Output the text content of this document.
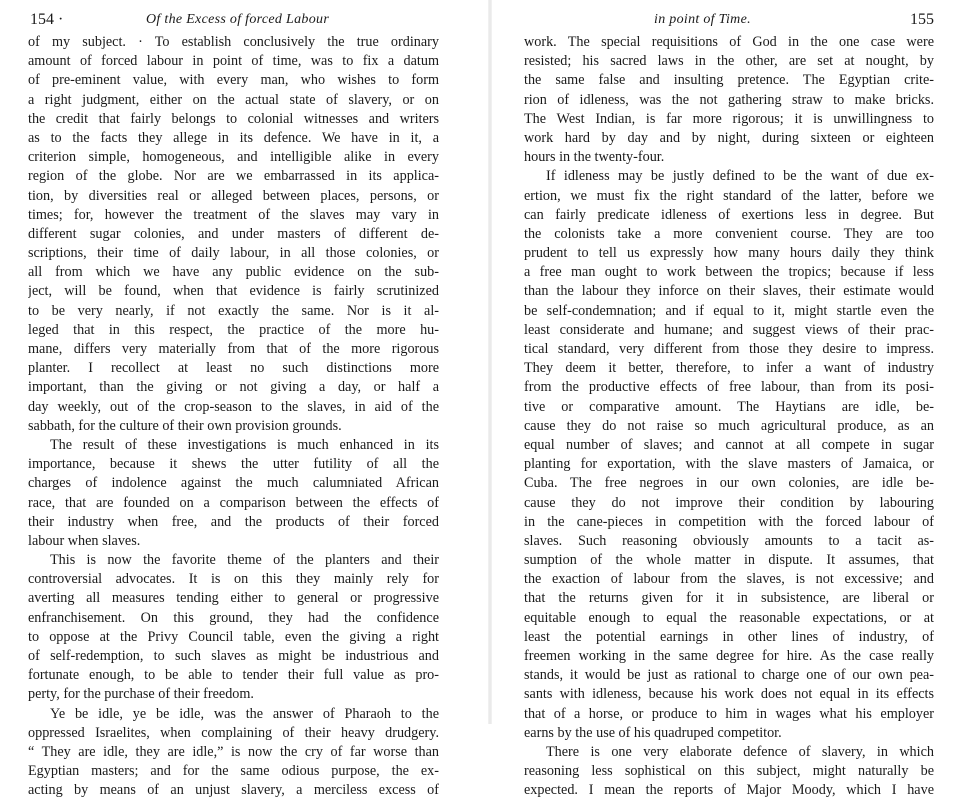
154 ·	Of the Excess of forced Labour
of my subject. · To establish conclusively the true ordinary
amount of forced labour in point of time, was to fix a datum
of pre-eminent value, with every man, who wishes to form
a right judgment, either on the actual state of slavery, or on
the credit that fairly belongs to colonial witnesses and writers
as to the facts they allege in its defence. We have in it, a
criterion simple, homogeneous, and intelligible alike in every
region of the globe. Nor are we embarrassed in its applica-
tion, by diversities real or alleged between places, persons, or
times; for, however the treatment of the slaves may vary in
different sugar colonies, and under masters of different de-
scriptions, their time of daily labour, in all those colonies, or
all from which we have any public evidence on the sub-
ject, will be found, when that evidence is fairly scrutinized
to be very nearly, if not exactly the same. Nor is it al-
leged that in this respect, the practice of the more hu-
mane, differs very materially from that of the more rigorous
planter. I recollect at least no such distinctions more
important, than the giving or not giving a day, or half a
day weekly, out of the crop-season to the slaves, in aid of the
sabbath, for the culture of their own provision grounds.
The result of these investigations is much enhanced in its
importance, because it shews the utter futility of all the
charges of indolence against the much calumniated African
race, that are founded on a comparison between the effects of
their industry when free, and the products of their forced
labour when slaves.
This is now the favorite theme of the planters and their
controversial advocates. It is on this they mainly rely for
averting all measures tending either to general or progressive
enfranchisement. On this ground, they had the confidence
to oppose at the Privy Council table, even the giving a right
of self-redemption, to such slaves as might be industrious and
fortunate enough, to be able to tender their full value as pro-
perty, for the purchase of their freedom.
Ye be idle, ye be idle, was the answer of Pharaoh to the
oppressed Israelites, when complaining of their heavy drudgery.
“ They are idle, they are idle,” is now the cry of far worse than
Egyptian masters; and for the same odious purpose, the ex-
acting by means of an unjust slavery, a merciless excess of
in point of Time.	155
work. The special requisitions of God in the one case were
resisted; his sacred laws in the other, are set at nought, by
the same false and insulting pretence. The Egyptian crite-
rion of idleness, was the not gathering straw to make bricks.
The West Indian, is far more rigorous; it is unwillingness to
work hard by day and by night, during sixteen or eighteen
hours in the twenty-four.
If idleness may be justly defined to be the want of due ex-
ertion, we must fix the right standard of the latter, before we
can fairly predicate idleness of exertions less in degree. But
the colonists take a more convenient course. They are too
prudent to tell us expressly how many hours daily they think
a free man ought to work between the tropics; because if less
than the labour they inforce on their slaves, their estimate would
be self-condemnation; and if equal to it, might startle even the
least considerate and humane; and suggest views of their prac-
tical standard, very different from those they desire to impress.
They deem it better, therefore, to infer a want of industry
from the productive effects of free labour, than from its posi-
tive or comparative amount. The Haytians are idle, be-
cause they do not raise so much agricultural produce, as an
equal number of slaves; and cannot at all compete in sugar
planting for exportation, with the slave masters of Jamaica, or
Cuba. The free negroes in our own colonies, are idle be-
cause they do not improve their condition by labouring
in the cane-pieces in competition with the forced labour of
slaves. Such reasoning obviously amounts to a tacit as-
sumption of the whole matter in dispute. It assumes, that
the exaction of labour from the slaves, is not excessive; and
that the returns given for it in subsistence, are liberal or
equitable enough to equal the reasonable expectations, or at
least the potential earnings in other lines of industry, of
freemen working in the same degree for hire. As the case really
stands, it would be just as rational to charge one of our own pea-
sants with idleness, because his work does not equal in its effects
that of a horse, or produce to him in wages what his employer
earns by the use of his quadruped competitor.
There is one very elaborate defence of slavery, in which
reasoning less sophistical on this subject, might naturally be
expected. I mean the reports of Major Moody, which I have
